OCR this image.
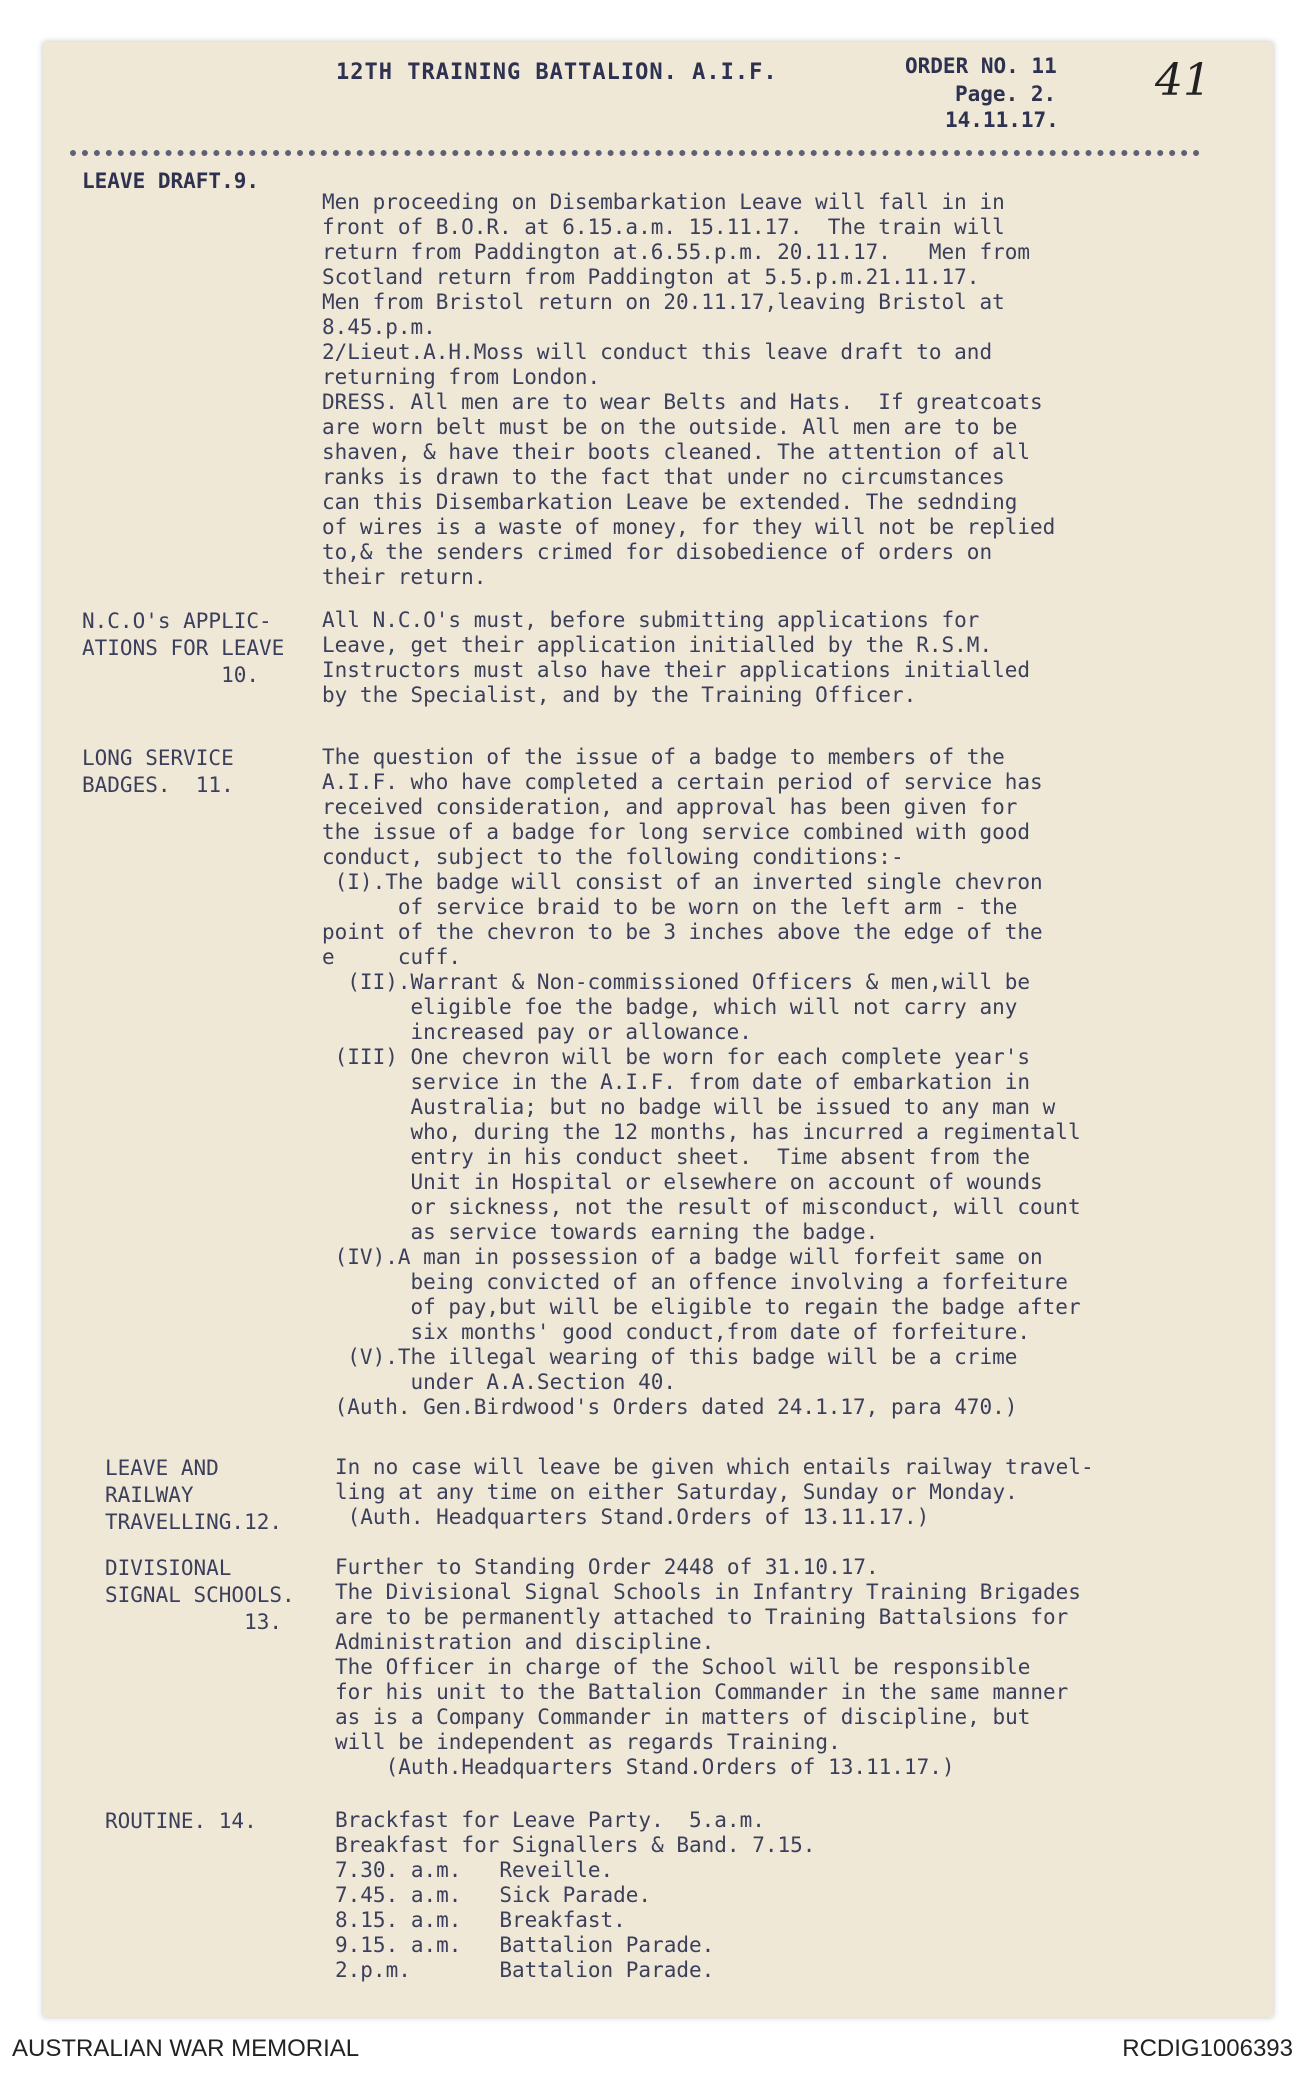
12TH TRAINING BATTALION. A.I.F.	ORDER NO. 11
Page. 2.
14.11.17.
41
LEAVE DRAFT.9.
Men proceeding on Disembarkation Leave will fall in in
front of B.O.R. at 6.15.a.m. 15.11.17.  The train will
return from Paddington at.6.55.p.m. 20.11.17.   Men from
Scotland return from Paddington at 5.5.p.m.21.11.17.
Men from Bristol return on 20.11.17,leaving Bristol at
8.45.p.m.
2/Lieut.A.H.Moss will conduct this leave draft to and
returning from London.
DRESS. All men are to wear Belts and Hats.  If greatcoats
are worn belt must be on the outside. All men are to be
shaven, & have their boots cleaned. The attention of all
ranks is drawn to the fact that under no circumstances
can this Disembarkation Leave be extended. The sednding
of wires is a waste of money, for they will not be replied
to,& the senders crimed for disobedience of orders on
their return.
N.C.O's APPLIC-
ATIONS FOR LEAVE
10.
All N.C.O's must, before submitting applications for
Leave, get their application initialled by the R.S.M.
Instructors must also have their applications initialled
by the Specialist, and by the Training Officer.
LONG SERVICE
BADGES.  11.
The question of the issue of a badge to members of the
A.I.F. who have completed a certain period of service has
received consideration, and approval has been given for
the issue of a badge for long service combined with good
conduct, subject to the following conditions:-
(I).The badge will consist of an inverted single chevron
of service braid to be worn on the left arm - the
point of the chevron to be 3 inches above the edge of the
e     cuff.
(II).Warrant & Non-commissioned Officers & men,will be
eligible foe the badge, which will not carry any
increased pay or allowance.
(III) One chevron will be worn for each complete year's
service in the A.I.F. from date of embarkation in
Australia; but no badge will be issued to any man w
who, during the 12 months, has incurred a regimentall
entry in his conduct sheet.  Time absent from the
Unit in Hospital or elsewhere on account of wounds
or sickness, not the result of misconduct, will count
as service towards earning the badge.
(IV).A man in possession of a badge will forfeit same on
being convicted of an offence involving a forfeiture
of pay,but will be eligible to regain the badge after
six months' good conduct,from date of forfeiture.
(V).The illegal wearing of this badge will be a crime
under A.A.Section 40.
(Auth. Gen.Birdwood's Orders dated 24.1.17, para 470.)
LEAVE AND
RAILWAY
TRAVELLING.12.
In no case will leave be given which entails railway travel-
ling at any time on either Saturday, Sunday or Monday.
(Auth. Headquarters Stand.Orders of 13.11.17.)
DIVISIONAL
SIGNAL SCHOOLS.
13.
Further to Standing Order 2448 of 31.10.17.
The Divisional Signal Schools in Infantry Training Brigades
are to be permanently attached to Training Battalsions for
Administration and discipline.
The Officer in charge of the School will be responsible
for his unit to the Battalion Commander in the same manner
as is a Company Commander in matters of discipline, but
will be independent as regards Training.
(Auth.Headquarters Stand.Orders of 13.11.17.)
ROUTINE. 14.	Brackfast for Leave Party.  5.a.m.
Breakfast for Signallers & Band. 7.15.
7.30. a.m.   Reveille.
7.45. a.m.   Sick Parade.
8.15. a.m.   Breakfast.
9.15. a.m.   Battalion Parade.
2.p.m.       Battalion Parade.
AUSTRALIAN WAR MEMORIAL	RCDIG1006393
